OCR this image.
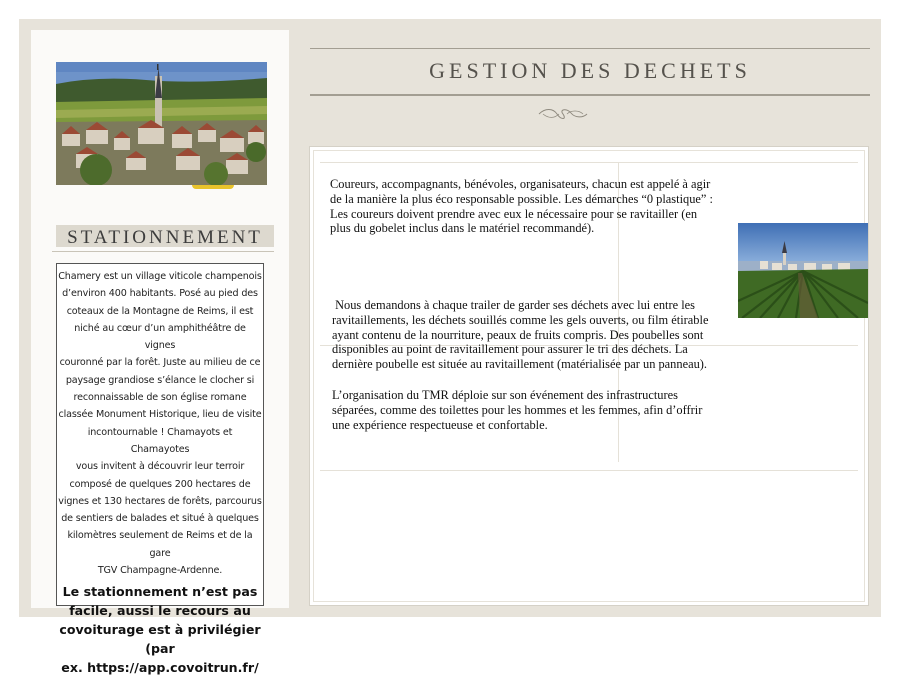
STATIONNEMENT
Chamery est un village viticole champenois
d’environ 400 habitants. Posé au pied des
coteaux de la Montagne de Reims, il est
niché au cœur d’un amphithéâtre de vignes
couronné par la forêt. Juste au milieu de ce
paysage grandiose s’élance le clocher si
reconnaissable de son église romane
classée Monument Historique, lieu de visite
incontournable ! Chamayots et Chamayotes
vous invitent à découvrir leur terroir
composé de quelques 200 hectares de
vignes et 130 hectares de forêts, parcourus
de sentiers de balades et situé à quelques
kilomètres seulement de Reims et de la gare
TGV Champagne-Ardenne.
Le stationnement n’est pas
facile, aussi le recours au
covoiturage est à privilégier (par
ex. https://app.covoitrun.fr/
GESTION DES DECHETS
Coureurs, accompagnants, bénévoles, organisateurs, chacun est appelé à agir
de la manière la plus éco responsable possible. Les démarches “0 plastique” :
Les coureurs doivent prendre avec eux le nécessaire pour se ravitailler (en
plus du gobelet inclus dans le matériel recommandé).
Nous demandons à chaque trailer de garder ses déchets avec lui entre les
ravitaillements, les déchets souillés comme les gels ouverts, ou film étirable
ayant contenu de la nourriture, peaux de fruits compris. Des poubelles sont
disponibles au point de ravitaillement pour assurer le tri des déchets. La
dernière poubelle est située au ravitaillement (matérialisée par un panneau).
L’organisation du TMR déploie sur son événement des infrastructures
séparées, comme des toilettes pour les hommes et les femmes, afin d’offrir
une expérience respectueuse et confortable.
